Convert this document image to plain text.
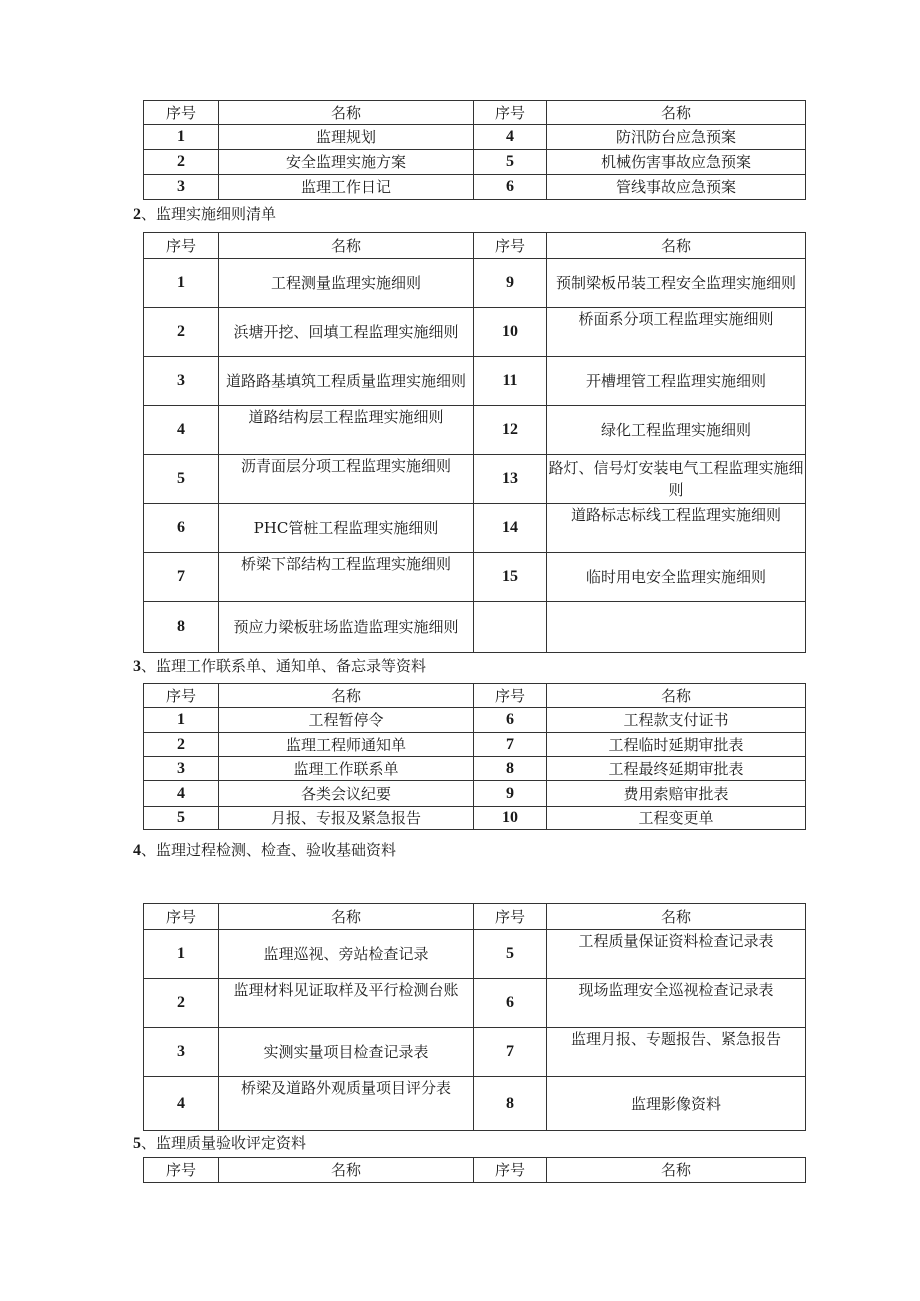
序号	名称	序号	名称
1	监理规划	4	防汛防台应急预案
2	安全监理实施方案	5	机械伤害事故应急预案
3	监理工作日记	6	管线事故应急预案
2、监理实施细则清单
序号	名称	序号	名称
1	工程测量监理实施细则	9	预制梁板吊装工程安全监理实施细则
2	浜塘开挖、回填工程监理实施细则	10	桥面系分项工程监理实施细则
3	道路路基填筑工程质量监理实施细则	11	开槽埋管工程监理实施细则
4	道路结构层工程监理实施细则	12	绿化工程监理实施细则
5	沥青面层分项工程监理实施细则	13	路灯、信号灯安装电气工程监理实施细则
6	PHC管桩工程监理实施细则	14	道路标志标线工程监理实施细则
7	桥梁下部结构工程监理实施细则	15	临时用电安全监理实施细则
8	预应力梁板驻场监造监理实施细则		
3、监理工作联系单、通知单、备忘录等资料
序号	名称	序号	名称
1	工程暂停令	6	工程款支付证书
2	监理工程师通知单	7	工程临时延期审批表
3	监理工作联系单	8	工程最终延期审批表
4	各类会议纪要	9	费用索赔审批表
5	月报、专报及紧急报告	10	工程变更单
4、监理过程检测、检查、验收基础资料
序号	名称	序号	名称
1	监理巡视、旁站检查记录	5	工程质量保证资料检查记录表
2	监理材料见证取样及平行检测台账	6	现场监理安全巡视检查记录表
3	实测实量项目检查记录表	7	监理月报、专题报告、紧急报告
4	桥梁及道路外观质量项目评分表	8	监理影像资料
5、监理质量验收评定资料
序号	名称	序号	名称
